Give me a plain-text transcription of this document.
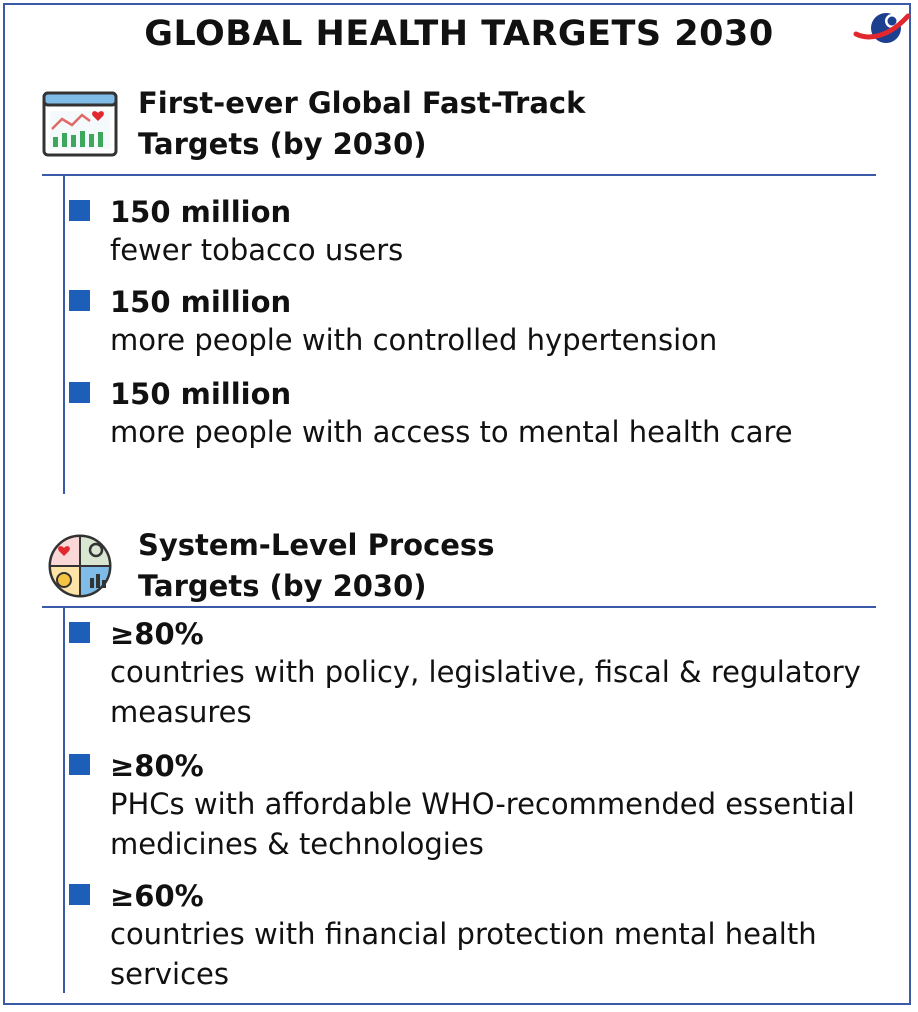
GLOBAL HEALTH TARGETS 2030
First-ever Global Fast-Track
Targets (by 2030)
150 million
fewer tobacco users
150 million
more people with controlled hypertension
150 million
more people with access to mental health care
System-Level Process
Targets (by 2030)
≥80%
countries with policy, legislative, fiscal & regulatory measures
≥80%
PHCs with affordable WHO-recommended essential medicines & technologies
≥60%
countries with financial protection mental health services
